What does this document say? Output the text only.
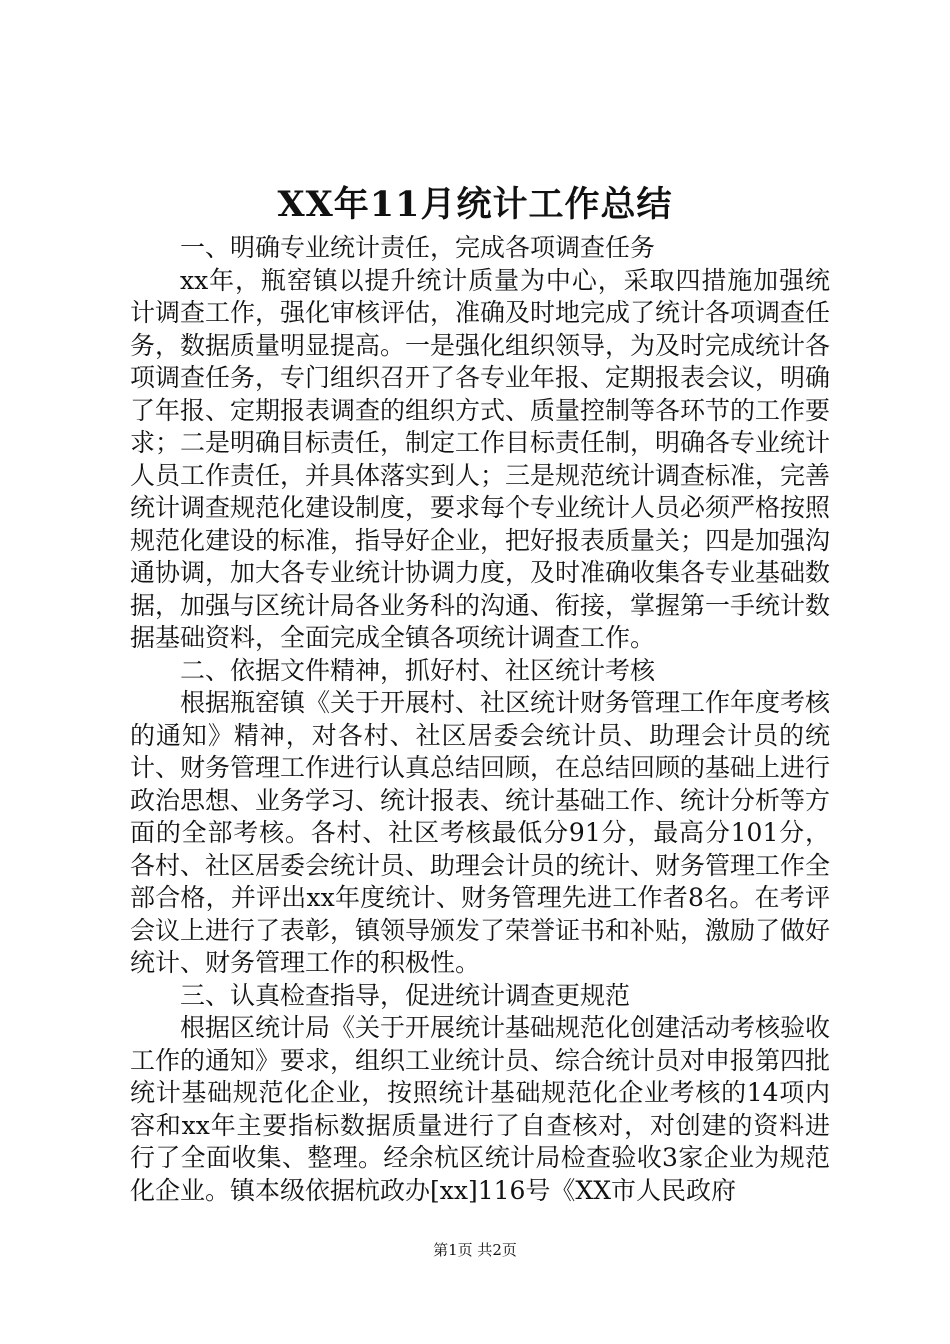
XX年11月统计工作总结

一、明确专业统计责任，完成各项调查任务

xx年，瓶窑镇以提升统计质量为中心，采取四措施加强统计调查工作，强化审核评估，准确及时地完成了统计各项调查任务，数据质量明显提高。一是强化组织领导，为及时完成统计各项调查任务，专门组织召开了各专业年报、定期报表会议，明确了年报、定期报表调查的组织方式、质量控制等各环节的工作要求；二是明确目标责任，制定工作目标责任制，明确各专业统计人员工作责任，并具体落实到人；三是规范统计调查标准，完善统计调查规范化建设制度，要求每个专业统计人员必须严格按照规范化建设的标准，指导好企业，把好报表质量关；四是加强沟通协调，加大各专业统计协调力度，及时准确收集各专业基础数据，加强与区统计局各业务科的沟通、衔接，掌握第一手统计数据基础资料，全面完成全镇各项统计调查工作。

二、依据文件精神，抓好村、社区统计考核

根据瓶窑镇《关于开展村、社区统计财务管理工作年度考核的通知》精神，对各村、社区居委会统计员、助理会计员的统计、财务管理工作进行认真总结回顾，在总结回顾的基础上进行政治思想、业务学习、统计报表、统计基础工作、统计分析等方面的全部考核。各村、社区考核最低分91分，最高分101分，各村、社区居委会统计员、助理会计员的统计、财务管理工作全部合格，并评出xx年度统计、财务管理先进工作者8名。在考评会议上进行了表彰，镇领导颁发了荣誉证书和补贴，激励了做好统计、财务管理工作的积极性。

三、认真检查指导，促进统计调查更规范

根据区统计局《关于开展统计基础规范化创建活动考核验收工作的通知》要求，组织工业统计员、综合统计员对申报第四批统计基础规范化企业，按照统计基础规范化企业考核的14项内容和xx年主要指标数据质量进行了自查核对，对创建的资料进行了全面收集、整理。经余杭区统计局检查验收3家企业为规范化企业。镇本级依据杭政办[xx]116号《XX市人民政府

第1页 共2页
